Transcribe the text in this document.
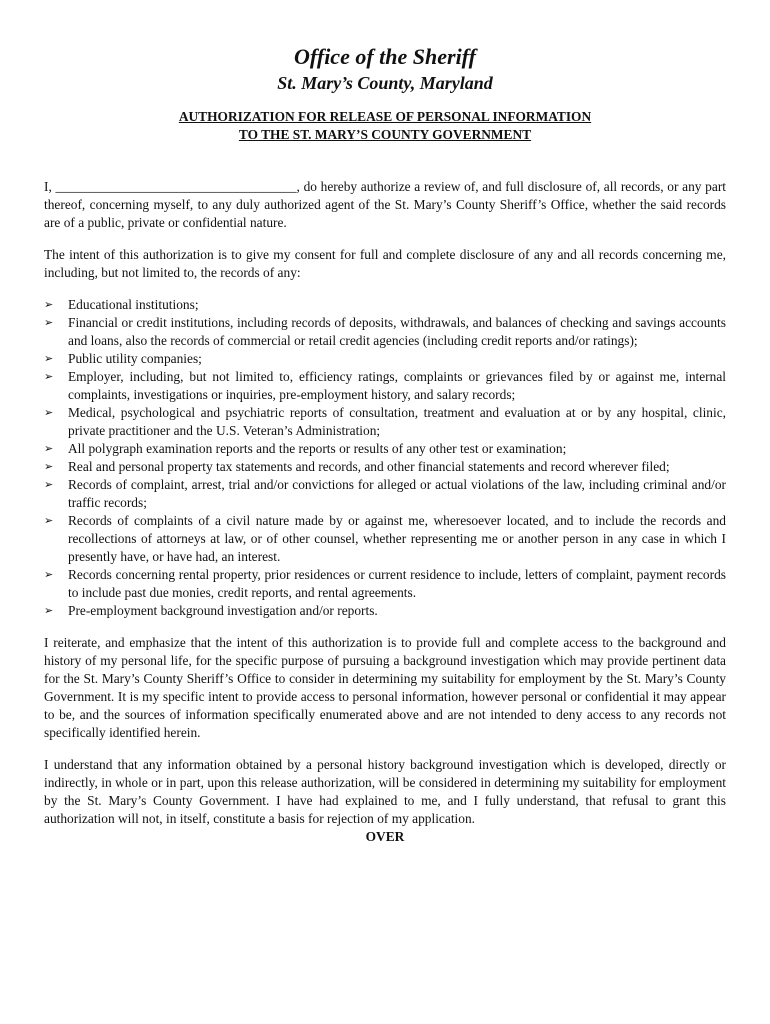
Office of the Sheriff
St. Mary’s County, Maryland

AUTHORIZATION FOR RELEASE OF PERSONAL INFORMATION

TO THE ST. MARY’S COUNTY GOVERNMENT

I, ____________________________________, do hereby authorize a review of, and full disclosure of, all records, or any part thereof, concerning myself, to any duly authorized agent of the St. Mary’s County Sheriff’s Office, whether the said records are of a public, private or confidential nature.

The intent of this authorization is to give my consent for full and complete disclosure of any and all records concerning me, including, but not limited to, the records of any:

➢	Educational institutions;
➢	Financial or credit institutions, including records of deposits, withdrawals, and balances of checking and savings accounts and loans, also the records of commercial or retail credit agencies (including credit reports and/or ratings);
➢	Public utility companies;
➢	Employer, including, but not limited to, efficiency ratings, complaints or grievances filed by or against me, internal complaints, investigations or inquiries, pre-employment history, and salary records;
➢	Medical, psychological and psychiatric reports of consultation, treatment and evaluation at or by any hospital, clinic, private practitioner and the U.S. Veteran’s Administration;
➢	All polygraph examination reports and the reports or results of any other test or examination;
➢	Real and personal property tax statements and records, and other financial statements and record wherever filed;
➢	Records of complaint, arrest, trial and/or convictions for alleged or actual violations of the law, including criminal and/or traffic records;
➢	Records of complaints of a civil nature made by or against me, wheresoever located, and to include the records and recollections of attorneys at law, or of other counsel, whether representing me or another person in any case in which I presently have, or have had, an interest.
➢	Records concerning rental property, prior residences or current residence to include, letters of complaint, payment records to include past due monies, credit reports, and rental agreements.
➢	Pre-employment background investigation and/or reports.

I reiterate, and emphasize that the intent of this authorization is to provide full and complete access to the background and history of my personal life, for the specific purpose of pursuing a background investigation which may provide pertinent data for the St. Mary’s County Sheriff’s Office to consider in determining my suitability for employment by the St. Mary’s County Government. It is my specific intent to provide access to personal information, however personal or confidential it may appear to be, and the sources of information specifically enumerated above and are not intended to deny access to any records not specifically identified herein.

I understand that any information obtained by a personal history background investigation which is developed, directly or indirectly, in whole or in part, upon this release authorization, will be considered in determining my suitability for employment by the St. Mary’s County Government. I have had explained to me, and I fully understand, that refusal to grant this authorization will not, in itself, constitute a basis for rejection of my application.

OVER
